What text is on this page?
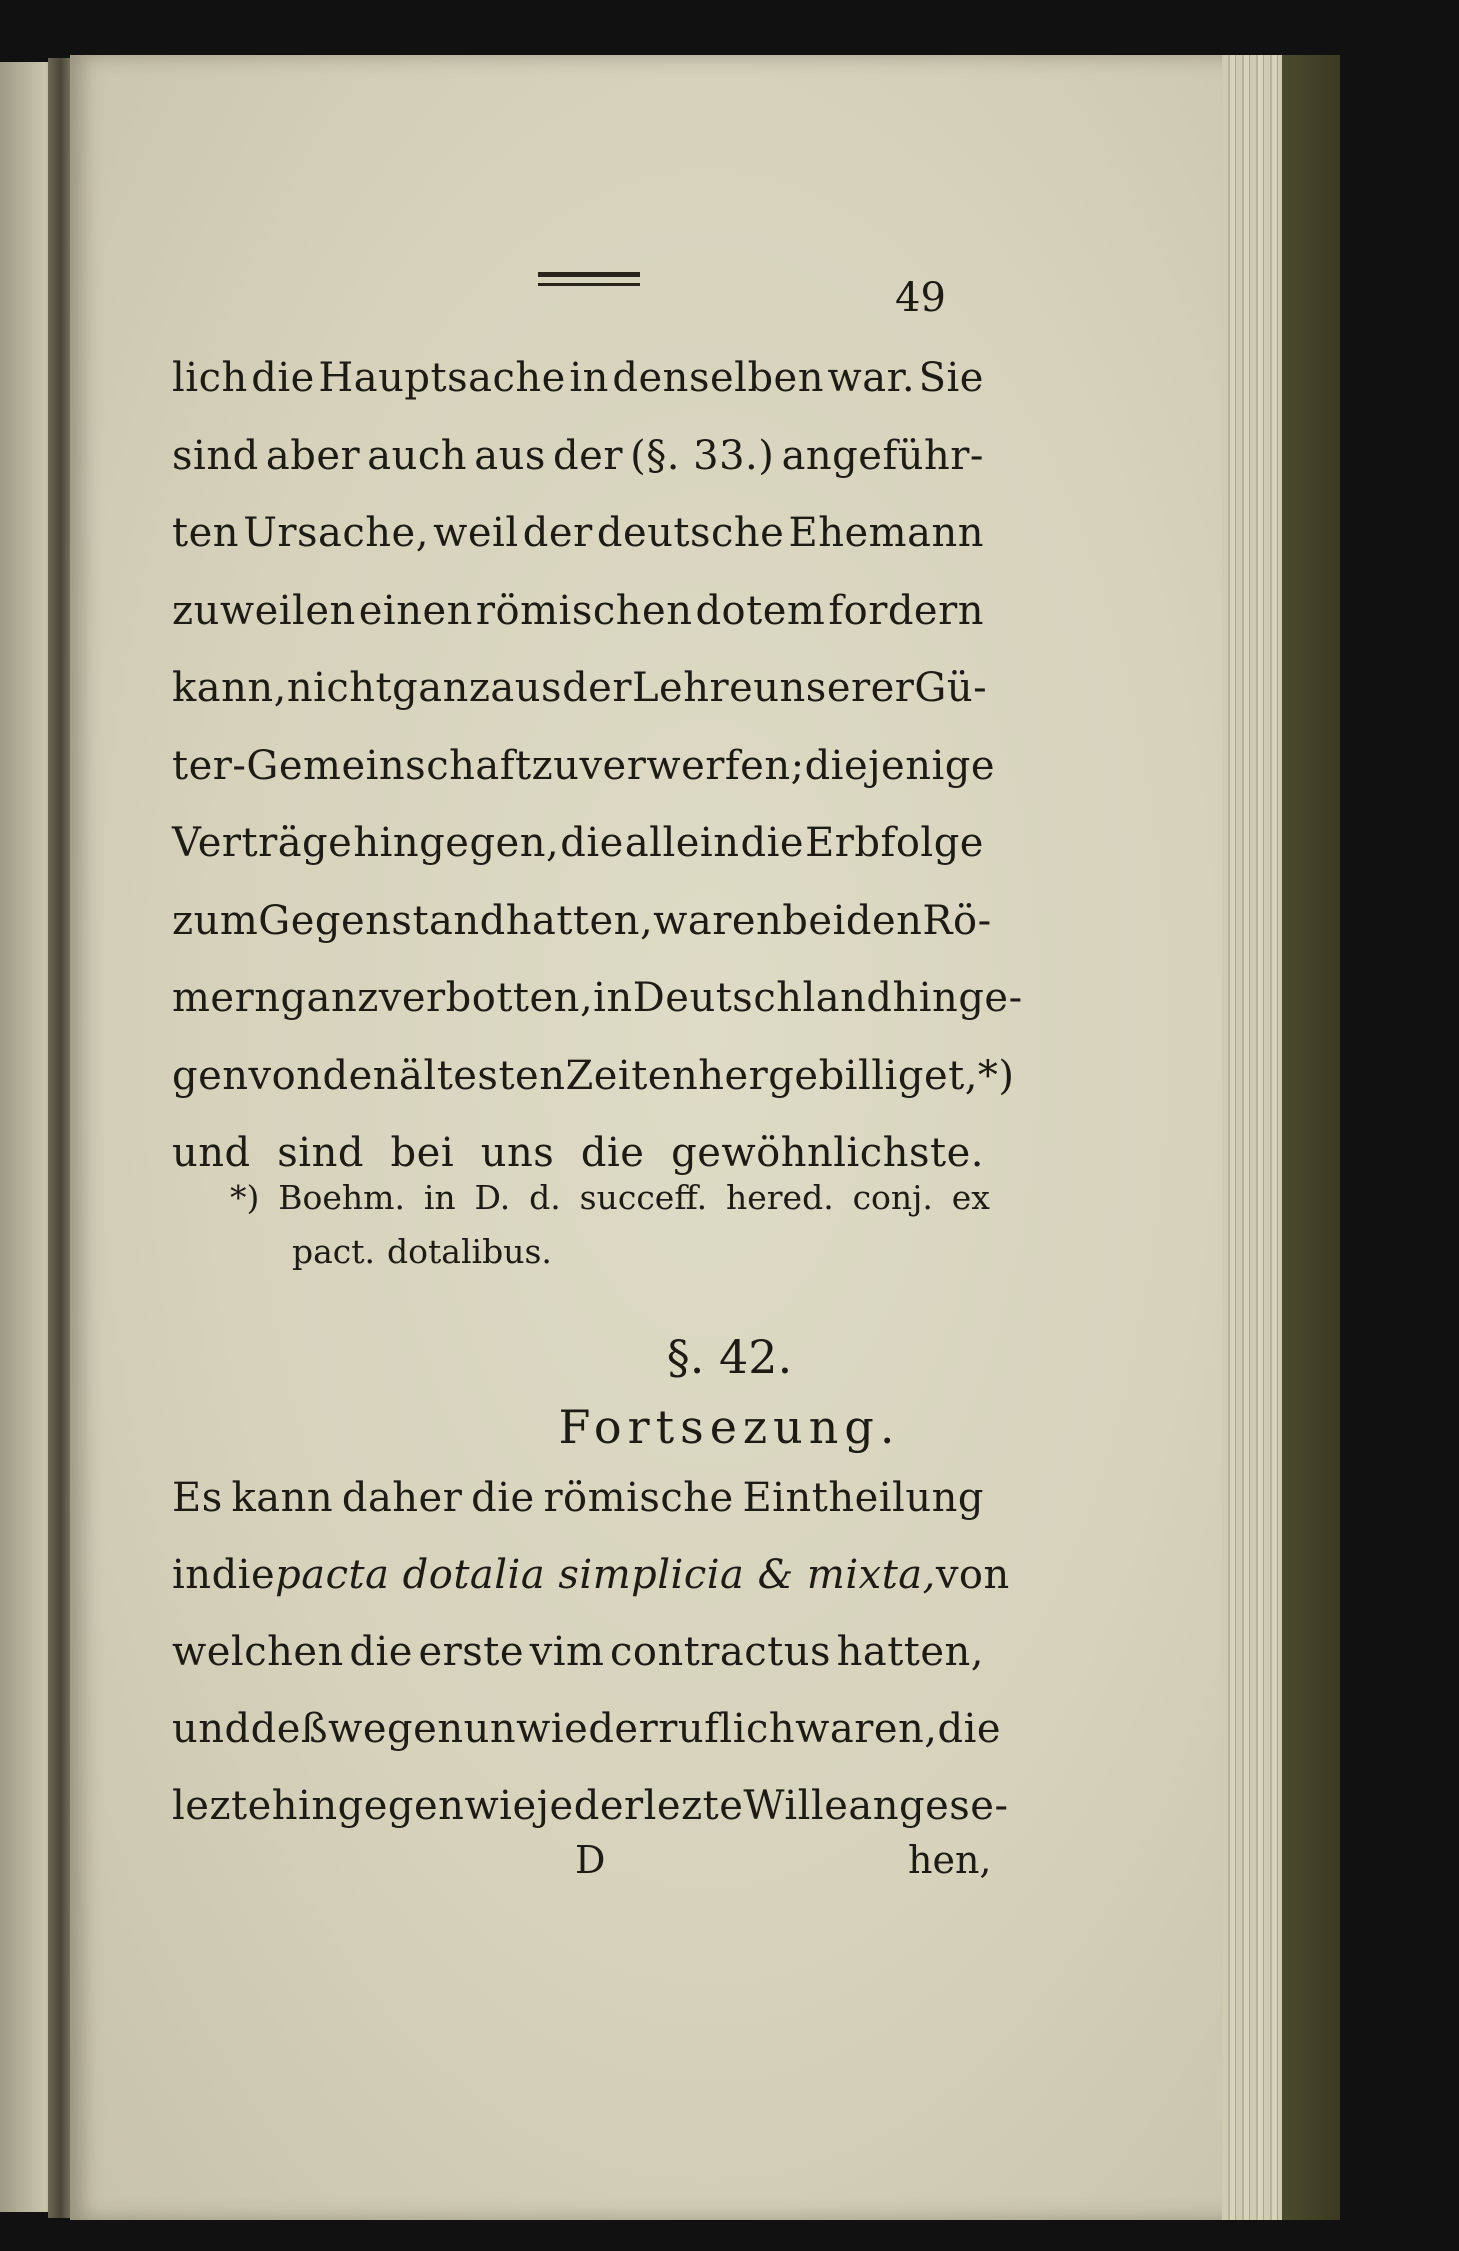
49
lich die Hauptsache in denselben war. Sie
sind aber auch aus der (§. 33.) angeführ-
ten Ursache, weil der deutsche Ehemann
zuweilen einen römischen dotem fordern
kann, nicht ganz aus der Lehre unserer Gü-
ter-Gemeinschaft zu verwerfen; diejenige
Verträge hingegen, die allein die Erbfolge
zum Gegenstand hatten, waren bei den Rö-
mern ganz verbotten, in Deutschland hinge-
gen von den ältesten Zeiten her gebilliget, *)
und sind bei uns die gewöhnlichste.
*) Boehm. in D. d. succeff. hered. conj. ex
pact. dotalibus.
§. 42.
Fortsezung.
Es kann daher die römische Eintheilung
in die pacta dotalia simplicia & mixta, von
welchen die erste vim contractus hatten,
und deßwegen unwiederruflich waren, die
lezte hingegen wie jeder lezte Wille angese-
D	hen,
